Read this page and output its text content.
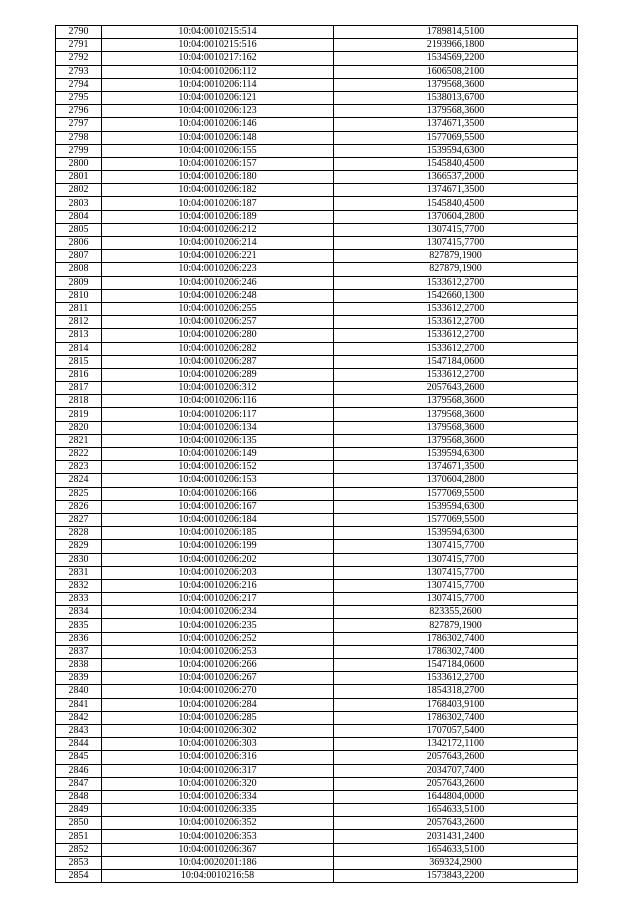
2790	10:04:0010215:514	1789814,5100
2791	10:04:0010215:516	2193966,1800
2792	10:04:0010217:162	1534569,2200
2793	10:04:0010206:112	1606508,2100
2794	10:04:0010206:114	1379568,3600
2795	10:04:0010206:121	1538013,6700
2796	10:04:0010206:123	1379568,3600
2797	10:04:0010206:146	1374671,3500
2798	10:04:0010206:148	1577069,5500
2799	10:04:0010206:155	1539594,6300
2800	10:04:0010206:157	1545840,4500
2801	10:04:0010206:180	1366537,2000
2802	10:04:0010206:182	1374671,3500
2803	10:04:0010206:187	1545840,4500
2804	10:04:0010206:189	1370604,2800
2805	10:04:0010206:212	1307415,7700
2806	10:04:0010206:214	1307415,7700
2807	10:04:0010206:221	827879,1900
2808	10:04:0010206:223	827879,1900
2809	10:04:0010206:246	1533612,2700
2810	10:04:0010206:248	1542660,1300
2811	10:04:0010206:255	1533612,2700
2812	10:04:0010206:257	1533612,2700
2813	10:04:0010206:280	1533612,2700
2814	10:04:0010206:282	1533612,2700
2815	10:04:0010206:287	1547184,0600
2816	10:04:0010206:289	1533612,2700
2817	10:04:0010206:312	2057643,2600
2818	10:04:0010206:116	1379568,3600
2819	10:04:0010206:117	1379568,3600
2820	10:04:0010206:134	1379568,3600
2821	10:04:0010206:135	1379568,3600
2822	10:04:0010206:149	1539594,6300
2823	10:04:0010206:152	1374671,3500
2824	10:04:0010206:153	1370604,2800
2825	10:04:0010206:166	1577069,5500
2826	10:04:0010206:167	1539594,6300
2827	10:04:0010206:184	1577069,5500
2828	10:04:0010206:185	1539594,6300
2829	10:04:0010206:199	1307415,7700
2830	10:04:0010206:202	1307415,7700
2831	10:04:0010206:203	1307415,7700
2832	10:04:0010206:216	1307415,7700
2833	10:04:0010206:217	1307415,7700
2834	10:04:0010206:234	823355,2600
2835	10:04:0010206:235	827879,1900
2836	10:04:0010206:252	1786302,7400
2837	10:04:0010206:253	1786302,7400
2838	10:04:0010206:266	1547184,0600
2839	10:04:0010206:267	1533612,2700
2840	10:04:0010206:270	1854318,2700
2841	10:04:0010206:284	1768403,9100
2842	10:04:0010206:285	1786302,7400
2843	10:04:0010206:302	1707057,5400
2844	10:04:0010206:303	1342172,1100
2845	10:04:0010206:316	2057643,2600
2846	10:04:0010206:317	2034707,7400
2847	10:04:0010206:320	2057643,2600
2848	10:04:0010206:334	1644804,0000
2849	10:04:0010206:335	1654633,5100
2850	10:04:0010206:352	2057643,2600
2851	10:04:0010206:353	2031431,2400
2852	10:04:0010206:367	1654633,5100
2853	10:04:0020201:186	369324,2900
2854	10:04:0010216:58	1573843,2200
